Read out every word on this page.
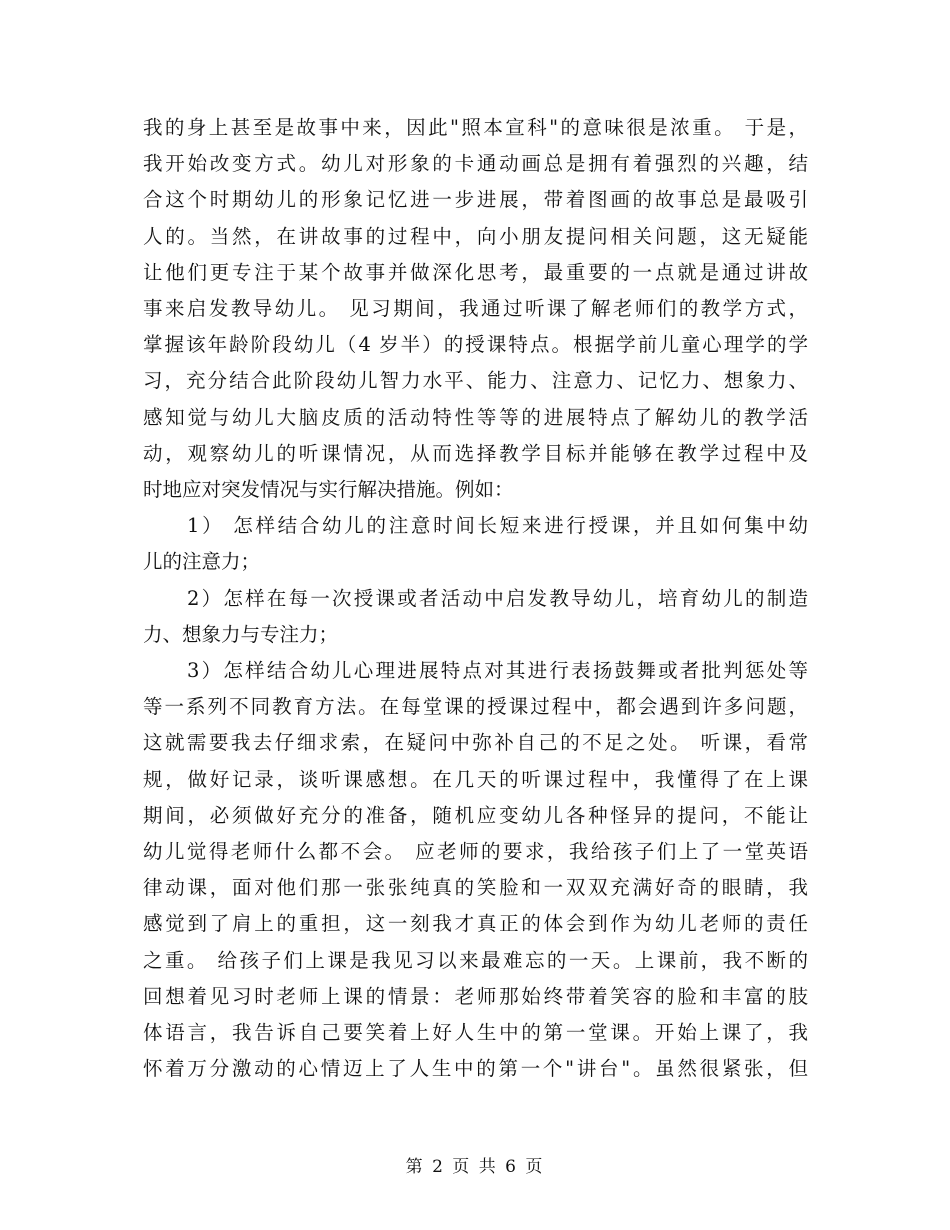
我的身上甚至是故事中来，因此"照本宣科"的意味很是浓重。 于是，
我开始改变方式。幼儿对形象的卡通动画总是拥有着强烈的兴趣，结
合这个时期幼儿的形象记忆进一步进展，带着图画的故事总是最吸引
人的。当然，在讲故事的过程中，向小朋友提问相关问题，这无疑能
让他们更专注于某个故事并做深化思考，最重要的一点就是通过讲故
事来启发教导幼儿。 见习期间，我通过听课了解老师们的教学方式，
掌握该年龄阶段幼儿（4 岁半）的授课特点。根据学前儿童心理学的学
习，充分结合此阶段幼儿智力水平、能力、注意力、记忆力、想象力、
感知觉与幼儿大脑皮质的活动特性等等的进展特点了解幼儿的教学活
动，观察幼儿的听课情况，从而选择教学目标并能够在教学过程中及
时地应对突发情况与实行解决措施。例如：
1） 怎样结合幼儿的注意时间长短来进行授课，并且如何集中幼
儿的注意力；
2）怎样在每一次授课或者活动中启发教导幼儿，培育幼儿的制造
力、想象力与专注力；
3）怎样结合幼儿心理进展特点对其进行表扬鼓舞或者批判惩处等
等一系列不同教育方法。在每堂课的授课过程中，都会遇到许多问题，
这就需要我去仔细求索，在疑问中弥补自己的不足之处。 听课，看常
规，做好记录，谈听课感想。在几天的听课过程中，我懂得了在上课
期间，必须做好充分的准备，随机应变幼儿各种怪异的提问，不能让
幼儿觉得老师什么都不会。 应老师的要求，我给孩子们上了一堂英语
律动课，面对他们那一张张纯真的笑脸和一双双充满好奇的眼睛，我
感觉到了肩上的重担，这一刻我才真正的体会到作为幼儿老师的责任
之重。 给孩子们上课是我见习以来最难忘的一天。上课前，我不断的
回想着见习时老师上课的情景：老师那始终带着笑容的脸和丰富的肢
体语言，我告诉自己要笑着上好人生中的第一堂课。开始上课了，我
怀着万分激动的心情迈上了人生中的第一个"讲台"。虽然很紧张，但
第 2 页 共 6 页
